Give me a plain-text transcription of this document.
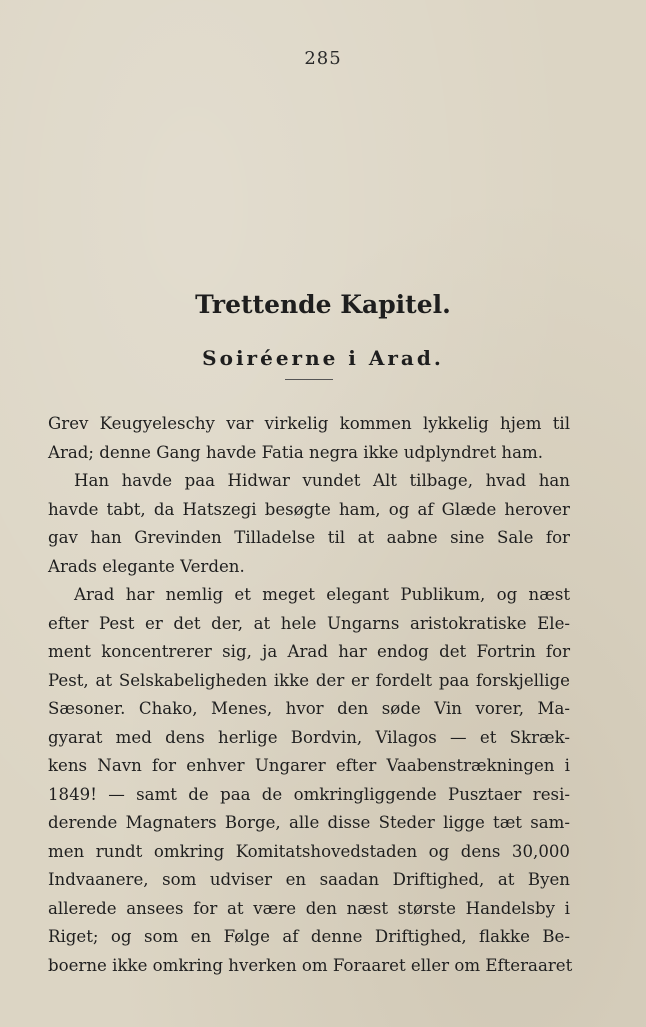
285
Trettende Kapitel.
Soiréerne i Arad.
Grev Keugyeleschy var virkelig kommen lykkelig hjem til
Arad; denne Gang havde Fatia negra ikke udplyndret ham.
Han havde paa Hidwar vundet Alt tilbage, hvad han
havde tabt, da Hatszegi besøgte ham, og af Glæde herover
gav han Grevinden Tilladelse til at aabne sine Sale for
Arads elegante Verden.
Arad har nemlig et meget elegant Publikum, og næst
efter Pest er det der, at hele Ungarns aristokratiske Ele-
ment koncentrerer sig, ja Arad har endog det Fortrin for
Pest, at Selskabeligheden ikke der er fordelt paa forskjellige
Sæsoner. Chako, Menes, hvor den søde Vin vorer, Ma-
gyarat med dens herlige Bordvin, Vilagos — et Skræk-
kens Navn for enhver Ungarer efter Vaabenstrækningen i
1849! — samt de paa de omkringliggende Pusztaer resi-
derende Magnaters Borge, alle disse Steder ligge tæt sam-
men rundt omkring Komitatshovedstaden og dens 30,000
Indvaanere, som udviser en saadan Driftighed, at Byen
allerede ansees for at være den næst største Handelsby i
Riget; og som en Følge af denne Driftighed, flakke Be-
boerne ikke omkring hverken om Foraaret eller om Efteraaret
